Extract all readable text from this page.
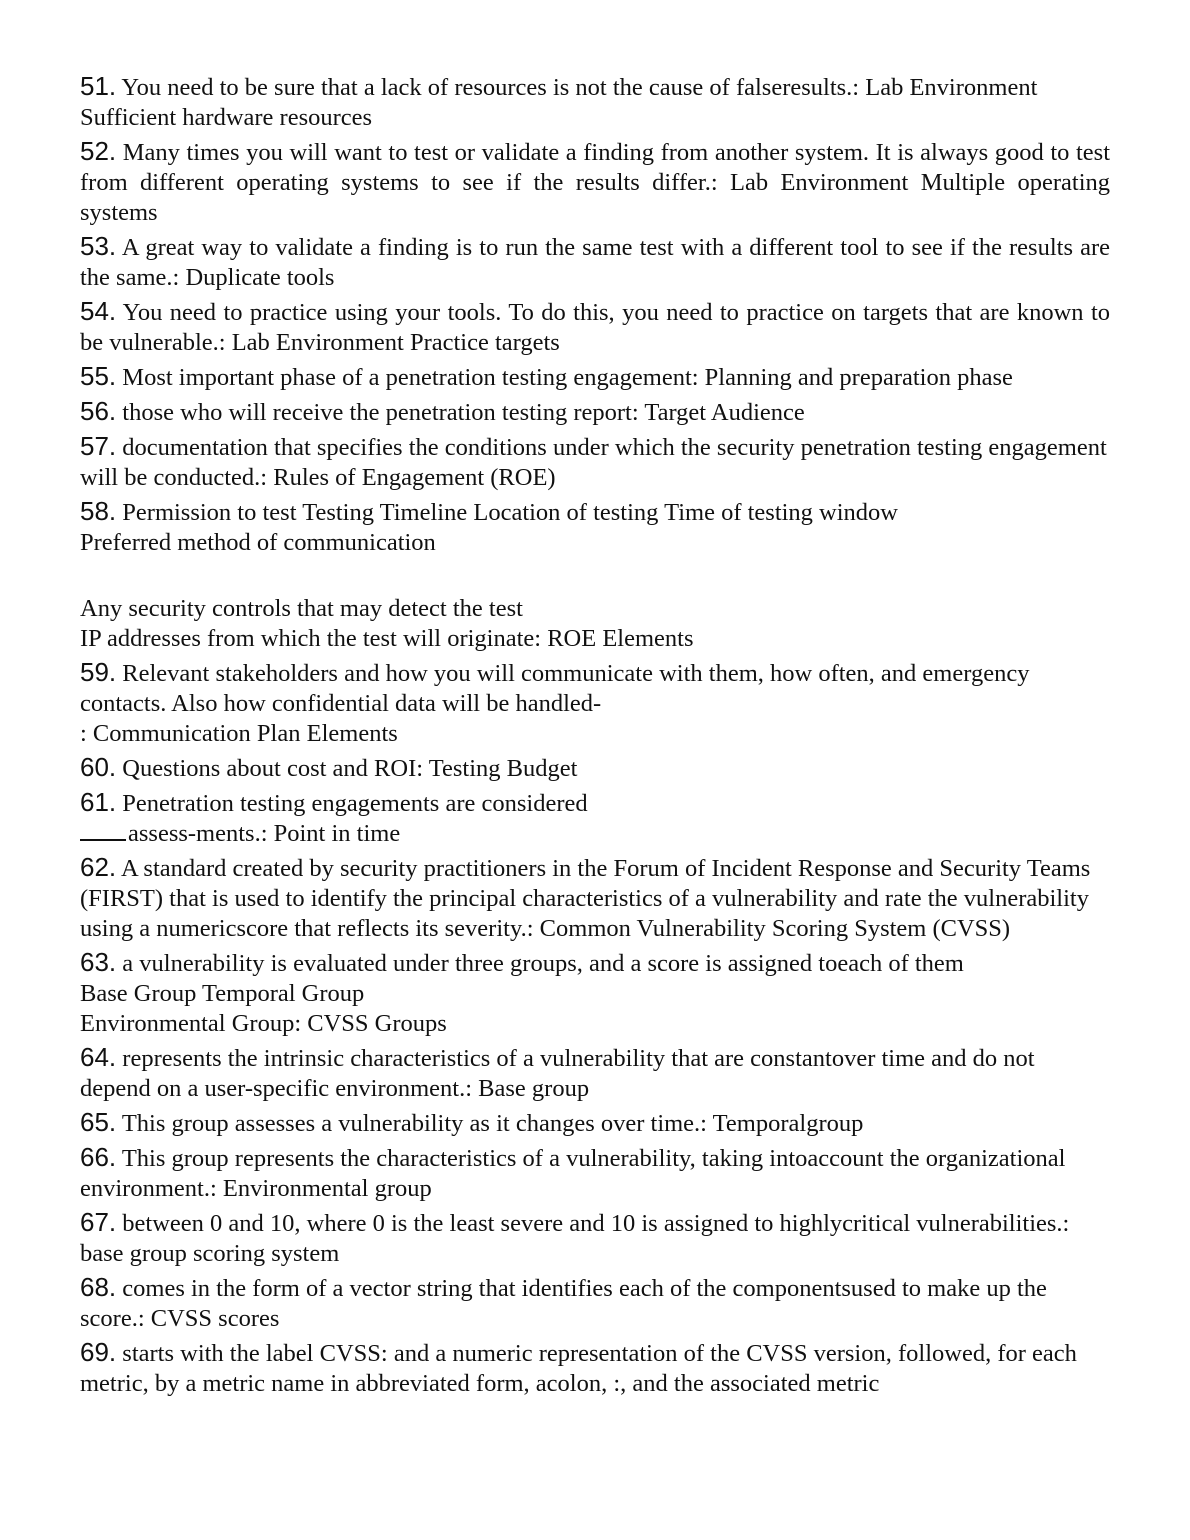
51. You need to be sure that a lack of resources is not the cause of falseresults.: Lab Environment Sufficient hardware resources

52. Many times you will want to test or validate a finding from another system. It is always good to test from different operating systems to see if the results differ.: Lab Environment Multiple operating systems

53. A great way to validate a finding is to run the same test with a different tool to see if the results are the same.: Duplicate tools

54. You need to practice using your tools. To do this, you need to practice on targets that are known to be vulnerable.: Lab Environment Practice targets

55. Most important phase of a penetration testing engagement: Planning and preparation phase

56. those who will receive the penetration testing report: Target Audience

57. documentation that specifies the conditions under which the security penetration testing engagement will be conducted.: Rules of Engagement (ROE)

58. Permission to test Testing Timeline Location of testing Time of testing window

Preferred method of communication

Any security controls that may detect the test

IP addresses from which the test will originate: ROE Elements

59. Relevant stakeholders and how you will communicate with them, how often, and emergency contacts. Also how confidential data will be handled-

: Communication Plan Elements

60. Questions about cost and ROI: Testing Budget

61. Penetration testing engagements are considered

assess-ments.: Point in time

62. A standard created by security practitioners in the Forum of Incident Response and Security Teams (FIRST) that is used to identify the principal characteristics of a vulnerability and rate the vulnerability using a numericscore that reflects its severity.: Common Vulnerability Scoring System (CVSS)

63. a vulnerability is evaluated under three groups, and a score is assigned toeach of them

Base Group Temporal Group

Environmental Group: CVSS Groups

64. represents the intrinsic characteristics of a vulnerability that are constantover time and do not depend on a user-specific environment.: Base group

65. This group assesses a vulnerability as it changes over time.: Temporalgroup

66. This group represents the characteristics of a vulnerability, taking intoaccount the organizational environment.: Environmental group

67. between 0 and 10, where 0 is the least severe and 10 is assigned to highlycritical vulnerabilities.: base group scoring system

68. comes in the form of a vector string that identifies each of the componentsused to make up the score.: CVSS scores

69. starts with the label CVSS: and a numeric representation of the CVSS version, followed, for each metric, by a metric name in abbreviated form, acolon, :, and the associated metric
